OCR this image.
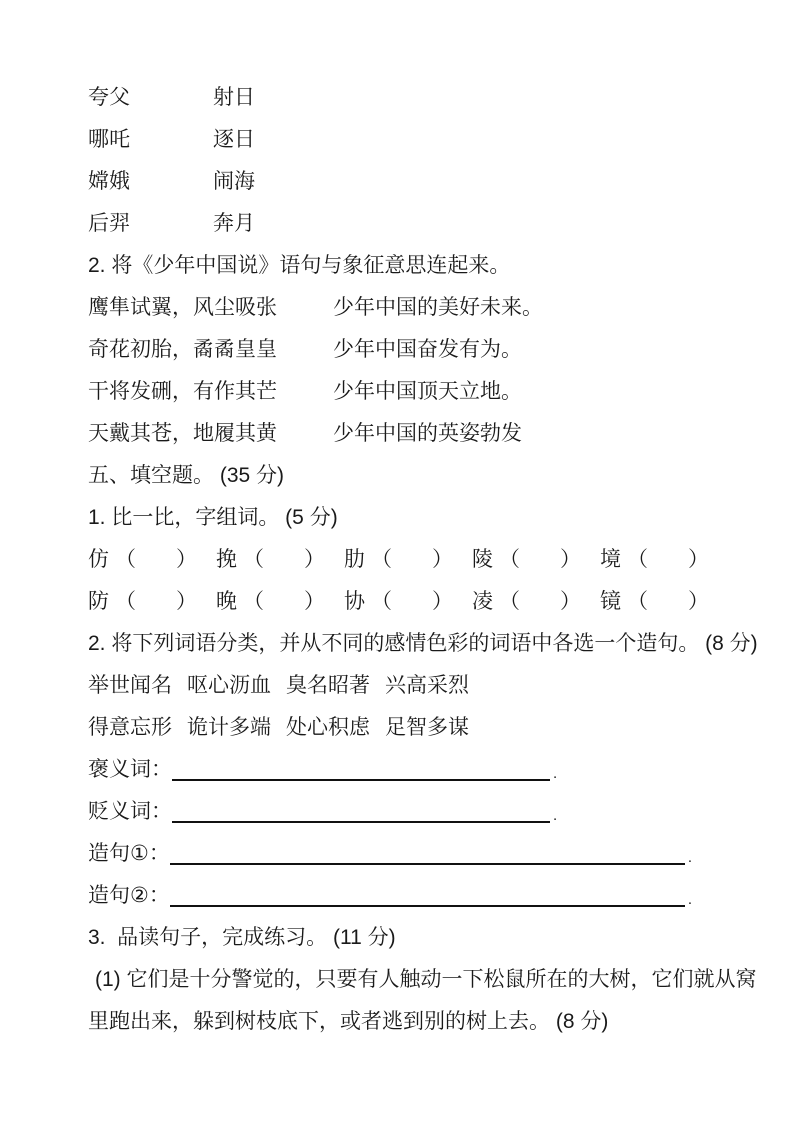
夸父	射日
哪吒	逐日
嫦娥	闹海
后羿	奔月
2. 将《少年中国说》语句与象征意思连起来。
鹰隼试翼，风尘吸张	少年中国的美好未来。
奇花初胎，矞矞皇皇	少年中国奋发有为。
干将发硎，有作其芒	少年中国顶天立地。
天戴其苍，地履其黄	少年中国的英姿勃发
五、填空题。 (35 分)
1. 比一比，字组词。 (5 分)
仿 （ ） 挽 （ ） 肋 （ ） 陵 （ ） 境 （ ）
防 （ ） 晚 （ ） 协 （ ） 凌 （ ） 镜 （ ）
2. 将下列词语分类，并从不同的感情色彩的词语中各选一个造句。 (8 分)
举世闻名 呕心沥血 臭名昭著 兴高采烈
得意忘形 诡计多端 处心积虑 足智多谋
褒义词：	.
贬义词：	.
造句①：	.
造句②：	.
3.  品读句子，完成练习。 (11 分)
(1) 它们是十分警觉的，只要有人触动一下松鼠所在的大树，它们就从窝
里跑出来，躲到树枝底下，或者逃到别的树上去。 (8 分)
